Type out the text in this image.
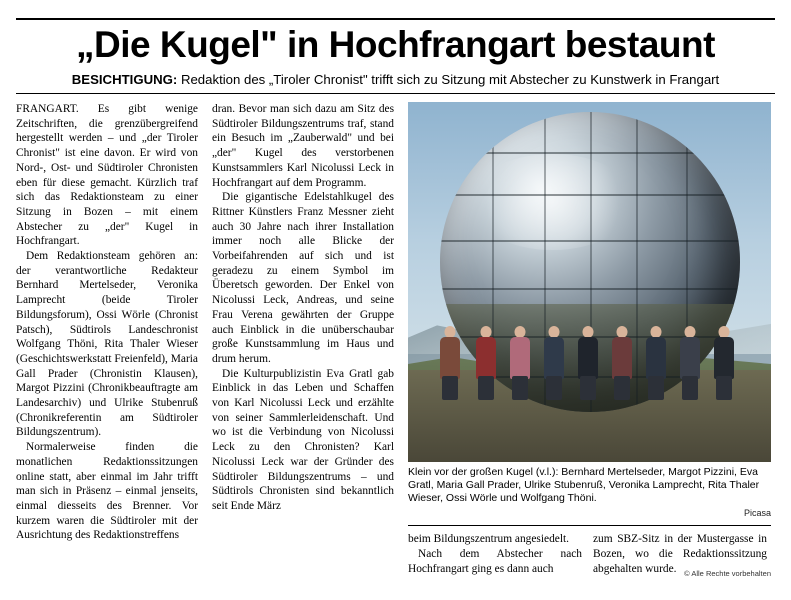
„Die Kugel" in Hochfrangart bestaunt
BESICHTIGUNG: Redaktion des „Tiroler Chronist" trifft sich zu Sitzung mit Abstecher zu Kunstwerk in Frangart

FRANGART. Es gibt wenige Zeitschriften, die grenzübergreifend hergestellt werden – und „der Tiroler Chronist" ist eine davon. Er wird von Nord-, Ost- und Südtiroler Chronisten eben für diese gemacht. Kürzlich traf sich das Redaktionsteam zu einer Sitzung in Bozen – mit einem Abstecher zu „der" Kugel in Hochfrangart.

Dem Redaktionsteam gehören an: der verantwortliche Redakteur Bernhard Mertelseder, Veronika Lamprecht (beide Tiroler Bildungsforum), Ossi Wörle (Chronist Patsch), Südtirols Landeschronist Wolfgang Thöni, Rita Thaler Wieser (Geschichtswerkstatt Freienfeld), Maria Gall Prader (Chronistin Klausen), Margot Pizzini (Chronikbeauftragte am Landesarchiv) und Ulrike Stubenruß (Chronikreferentin am Südtiroler Bildungszentrum).

Normalerweise finden die monatlichen Redaktionssitzungen online statt, aber einmal im Jahr trifft man sich in Präsenz – einmal jenseits, einmal diesseits des Brenner. Vor kurzem waren die Südtiroler mit der Ausrichtung des Redaktionstreffens

dran. Bevor man sich dazu am Sitz des Südtiroler Bildungszentrums traf, stand ein Besuch im „Zauberwald" und bei „der" Kugel des verstorbenen Kunstsammlers Karl Nicolussi Leck in Hochfrangart auf dem Programm.

Die gigantische Edelstahlkugel des Rittner Künstlers Franz Messner zieht auch 30 Jahre nach ihrer Installation immer noch alle Blicke der Vorbeifahrenden auf sich und ist geradezu zu einem Symbol im Überetsch geworden. Der Enkel von Nicolussi Leck, Andreas, und seine Frau Verena gewährten der Gruppe auch Einblick in die unüberschaubar große Kunstsammlung im Haus und drum herum.

Die Kulturpublizistin Eva Gratl gab Einblick in das Leben und Schaffen von Karl Nicolussi Leck und erzählte von seiner Sammlerleidenschaft. Und wo ist die Verbindung von Nicolussi Leck zu den Chronisten? Karl Nicolussi Leck war der Gründer des Südtiroler Bildungszentrums – und Südtirols Chronisten sind bekanntlich seit Ende März

Klein vor der großen Kugel (v.l.): Bernhard Mertelseder, Margot Pizzini, Eva Gratl, Maria Gall Prader, Ulrike Stubenruß, Veronika Lamprecht, Rita Thaler Wieser, Ossi Wörle und Wolfgang Thöni.
Picasa

beim Bildungszentrum angesiedelt.

Nach dem Abstecher nach Hochfrangart ging es dann auch

zum SBZ-Sitz in der Mustergasse in Bozen, wo die Redaktionssitzung abgehalten wurde.	© Alle Rechte vorbehalten
